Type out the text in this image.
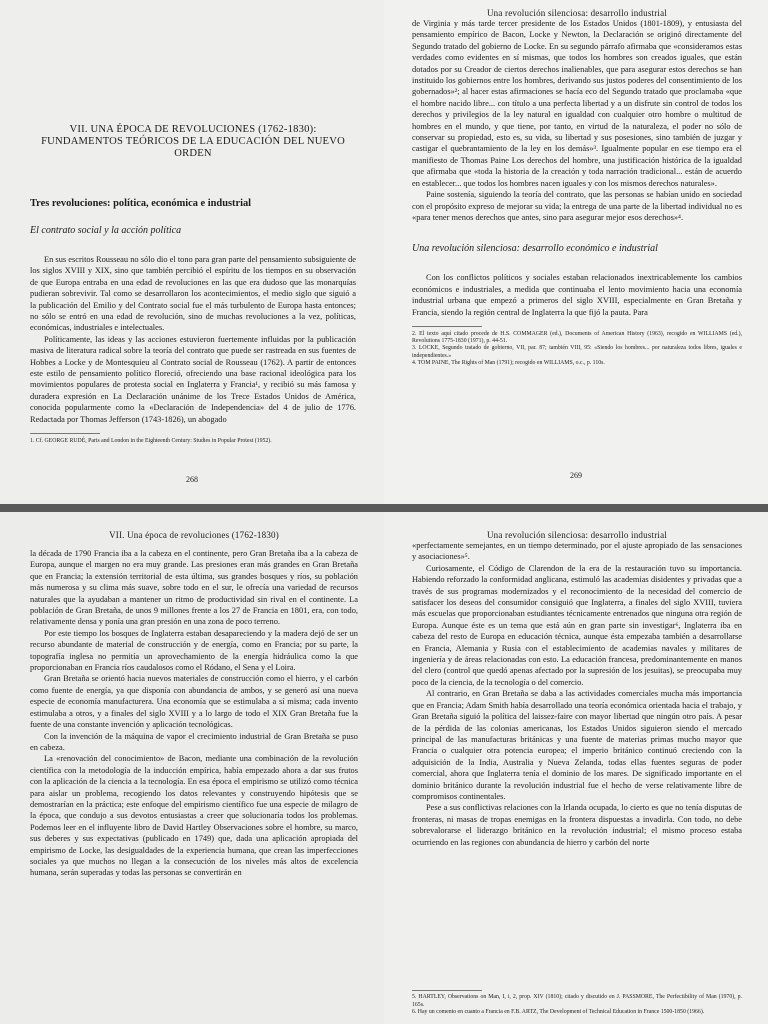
VII. UNA ÉPOCA DE REVOLUCIONES (1762-1830): FUNDAMENTOS TEÓRICOS DE LA EDUCACIÓN DEL NUEVO ORDEN
Tres revoluciones: política, económica e industrial
El contrato social y la acción política

En sus escritos Rousseau no sólo dio el tono para gran parte del pensamiento subsiguiente de los siglos XVIII y XIX, sino que también percibió el espíritu de los tiempos en su observación de que Europa entraba en una edad de revoluciones en las que era dudoso que las monarquías pudieran sobrevivir. Tal como se desarrollaron los acontecimientos, el medio siglo que siguió a la publicación del Emilio y del Contrato social fue el más turbulento de Europa hasta entonces; no sólo se entró en una edad de revolución, sino de muchas revoluciones a la vez, políticas, económicas, industriales e intelectuales.

Políticamente, las ideas y las acciones estuvieron fuertemente influidas por la publicación masiva de literatura radical sobre la teoría del contrato que puede ser rastreada en sus fuentes de Hobbes a Locke y de Montesquieu al Contrato social de Rousseau (1762). A partir de entonces este estilo de pensamiento político floreció, ofreciendo una base racional ideológica para los movimientos populares de protesta social en Inglaterra y Francia¹, y recibió su más famosa y duradera expresión en La Declaración unánime de los Trece Estados Unidos de América, conocida popularmente como la «Declaración de Independencia» del 4 de julio de 1776. Redactada por Thomas Jefferson (1743-1826), un abogado

1. Cf. GEORGE RUDÉ, Paris and London in the Eighteenth Century: Studies in Popular Protest (1952).

268
Una revolución silenciosa: desarrollo industrial

de Virginia y más tarde tercer presidente de los Estados Unidos (1801-1809), y entusiasta del pensamiento empírico de Bacon, Locke y Newton, la Declaración se originó directamente del Segundo tratado del gobierno de Locke. En su segundo párrafo afirmaba que «consideramos estas verdades como evidentes en sí mismas, que todos los hombres son creados iguales, que están dotados por su Creador de ciertos derechos inalienables, que para asegurar estos derechos se han instituido los gobiernos entre los hombres, derivando sus justos poderes del consentimiento de los gobernados»²; al hacer estas afirmaciones se hacía eco del Segundo tratado que proclamaba «que el hombre nacido libre... con título a una perfecta libertad y a un disfrute sin control de todos los derechos y privilegios de la ley natural en igualdad con cualquier otro hombre o multitud de hombres en el mundo, y que tiene, por tanto, en virtud de la naturaleza, el poder no sólo de conservar su propiedad, esto es, su vida, su libertad y sus posesiones, sino también de juzgar y castigar el quebrantamiento de la ley en los demás»³. Igualmente popular en ese tiempo era el manifiesto de Thomas Paine Los derechos del hombre, una justificación histórica de la igualdad que afirmaba que «toda la historia de la creación y toda narración tradicional... están de acuerdo en establecer... que todos los hombres nacen iguales y con los mismos derechos naturales».

Paine sostenía, siguiendo la teoría del contrato, que las personas se habían unido en sociedad con el propósito expreso de mejorar su vida; la entrega de una parte de la libertad individual no es «para tener menos derechos que antes, sino para asegurar mejor esos derechos»⁴.

Una revolución silenciosa: desarrollo económico e industrial

Con los conflictos políticos y sociales estaban relacionados inextricablemente los cambios económicos e industriales, a medida que continuaba el lento movimiento hacia una economía industrial urbana que empezó a primeros del siglo XVIII, especialmente en Gran Bretaña y Francia, siendo la región central de Inglaterra la que fijó la pauta. Para

2. El texto aquí citado procede de H.S. COMMAGER (ed.), Documents of American History (1963), recogido en WILLIAMS (ed.), Revolutions 1775-1830 (1971), p. 44-51.

3. LOCKE, Segundo tratado de gobierno, VII, par. 87; también VIII, 95: «Siendo los hombres... por naturaleza todos libres, iguales e independientes.»

4. TOM PAINE, The Rights of Man (1791); recogido en WILLIAMS, o.c., p. 110s.

269
VII. Una época de revoluciones (1762-1830)

la década de 1790 Francia iba a la cabeza en el continente, pero Gran Bretaña iba a la cabeza de Europa, aunque el margen no era muy grande. Las presiones eran más grandes en Gran Bretaña que en Francia; la extensión territorial de esta última, sus grandes bosques y ríos, su población más numerosa y su clima más suave, sobre todo en el sur, le ofrecía una variedad de recursos naturales que la ayudaban a mantener un ritmo de productividad sin rival en el continente. La población de Gran Bretaña, de unos 9 millones frente a los 27 de Francia en 1801, era, con todo, relativamente densa y ponía una gran presión en una zona de poco terreno.

Por este tiempo los bosques de Inglaterra estaban desapareciendo y la madera dejó de ser un recurso abundante de material de construcción y de energía, como en Francia; por su parte, la topografía inglesa no permitía un aprovechamiento de la energía hidráulica como la que proporcionaban en Francia ríos caudalosos como el Ródano, el Sena y el Loira.

Gran Bretaña se orientó hacia nuevos materiales de construcción como el hierro, y el carbón como fuente de energía, ya que disponía con abundancia de ambos, y se generó así una nueva especie de economía manufacturera. Una economía que se estimulaba a sí misma; cada invento estimulaba a otros, y a finales del siglo XVIII y a lo largo de todo el XIX Gran Bretaña fue la fuente de una constante invención y aplicación tecnológicas.

Con la invención de la máquina de vapor el crecimiento industrial de Gran Bretaña se puso en cabeza.

La «renovación del conocimiento» de Bacon, mediante una combinación de la revolución científica con la metodología de la inducción empírica, había empezado ahora a dar sus frutos con la aplicación de la ciencia a la tecnología. En esa época el empirismo se utilizó como técnica para aislar un problema, recogiendo los datos relevantes y construyendo hipótesis que se demostrarían en la práctica; este enfoque del empirismo científico fue una especie de milagro de la época, que condujo a sus devotos entusiastas a creer que solucionaría todos los problemas. Podemos leer en el influyente libro de David Hartley Observaciones sobre el hombre, su marco, sus deberes y sus expectativas (publicado en 1749) que, dada una aplicación apropiada del empirismo de Locke, las desigualdades de la experiencia humana, que crean las imperfecciones sociales ya que muchos no llegan a la consecución de los niveles más altos de excelencia humana, serán superadas y todas las personas se convertirán en

Una revolución silenciosa: desarrollo industrial

«perfectamente semejantes, en un tiempo determinado, por el ajuste apropiado de las sensaciones y asociaciones»⁵.

Curiosamente, el Código de Clarendon de la era de la restauración tuvo su importancia. Habiendo reforzado la conformidad anglicana, estimuló las academias disidentes y privadas que a través de sus programas modernizados y el reconocimiento de la necesidad del comercio de satisfacer los deseos del consumidor consiguió que Inglaterra, a finales del siglo XVIII, tuviera más escuelas que proporcionaban estudiantes técnicamente entrenados que ninguna otra región de Europa. Aunque éste es un tema que está aún en gran parte sin investigar⁶, Inglaterra iba en cabeza del resto de Europa en educación técnica, aunque ésta empezaba también a desarrollarse en Francia, Alemania y Rusia con el establecimiento de academias navales y militares de ingeniería y de áreas relacionadas con esto. La educación francesa, predominantemente en manos del clero (control que quedó apenas afectado por la supresión de los jesuitas), se preocupaba muy poco de la ciencia, de la tecnología o del comercio.

Al contrario, en Gran Bretaña se daba a las actividades comerciales mucha más importancia que en Francia; Adam Smith había desarrollado una teoría económica orientada hacia el trabajo, y Gran Bretaña siguió la política del laissez-faire con mayor libertad que ningún otro país. A pesar de la pérdida de las colonias americanas, los Estados Unidos siguieron siendo el mercado principal de las manufacturas británicas y una fuente de materias primas mucho mayor que Francia o cualquier otra potencia europea; el imperio británico continuó creciendo con la adquisición de la India, Australia y Nueva Zelanda, todas ellas fuentes seguras de poder comercial, ahora que Inglaterra tenía el dominio de los mares. De significado importante en el dominio británico durante la revolución industrial fue el hecho de verse relativamente libre de compromisos continentales.

Pese a sus conflictivas relaciones con la Irlanda ocupada, lo cierto es que no tenía disputas de fronteras, ni masas de tropas enemigas en la frontera dispuestas a invadirla. Con todo, no debe sobrevalorarse el liderazgo británico en la revolución industrial; el mismo proceso estaba ocurriendo en las regiones con abundancia de hierro y carbón del norte

5. HARTLEY, Observations on Man, I, i, 2, prop. XIV (1810); citado y discutido en J. PASSMORE, The Perfectibility of Man (1970), p. 165s.

6. Hay un comento en cuanto a Francia en F.B. ARTZ, The Development of Technical Education in France 1500-1850 (1966).
